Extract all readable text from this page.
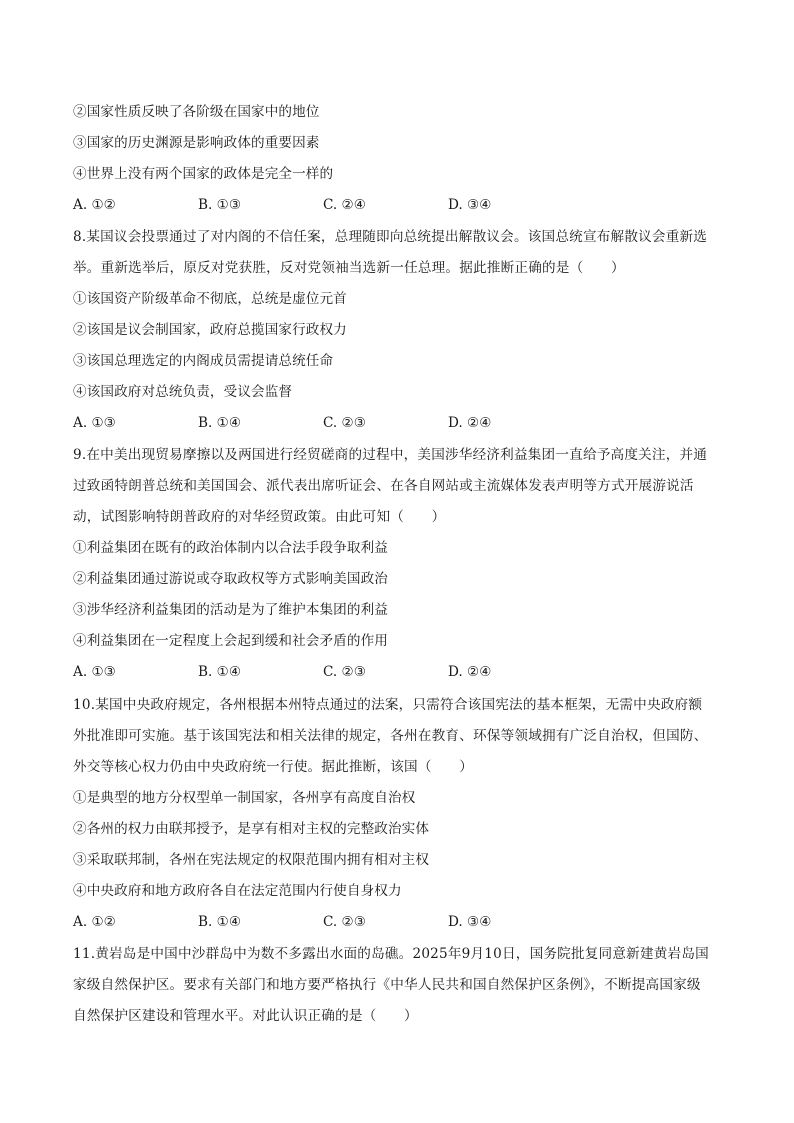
②国家性质反映了各阶级在国家中的地位
③国家的历史渊源是影响政体的重要因素
④世界上没有两个国家的政体是完全一样的
A. ①②	B. ①③	C. ②④	D. ③④
8.某国议会投票通过了对内阁的不信任案，总理随即向总统提出解散议会。该国总统宣布解散议会重新选
举。重新选举后，原反对党获胜，反对党领袖当选新一任总理。据此推断正确的是（　　）
①该国资产阶级革命不彻底，总统是虚位元首
②该国是议会制国家，政府总揽国家行政权力
③该国总理选定的内阁成员需提请总统任命
④该国政府对总统负责，受议会监督
A. ①③	B. ①④	C. ②③	D. ②④
9.在中美出现贸易摩擦以及两国进行经贸磋商的过程中，美国涉华经济利益集团一直给予高度关注，并通
过致函特朗普总统和美国国会、派代表出席听证会、在各自网站或主流媒体发表声明等方式开展游说活
动，试图影响特朗普政府的对华经贸政策。由此可知（　　）
①利益集团在既有的政治体制内以合法手段争取利益
②利益集团通过游说或夺取政权等方式影响美国政治
③涉华经济利益集团的活动是为了维护本集团的利益
④利益集团在一定程度上会起到缓和社会矛盾的作用
A. ①③	B. ①④	C. ②③	D. ②④
10.某国中央政府规定，各州根据本州特点通过的法案，只需符合该国宪法的基本框架，无需中央政府额
外批准即可实施。基于该国宪法和相关法律的规定，各州在教育、环保等领域拥有广泛自治权，但国防、
外交等核心权力仍由中央政府统一行使。据此推断，该国（　　）
①是典型的地方分权型单一制国家，各州享有高度自治权
②各州的权力由联邦授予，是享有相对主权的完整政治实体
③采取联邦制，各州在宪法规定的权限范围内拥有相对主权
④中央政府和地方政府各自在法定范围内行使自身权力
A. ①②	B. ①④	C. ②③	D. ③④
11.黄岩岛是中国中沙群岛中为数不多露出水面的岛礁。2025年9月10日，国务院批复同意新建黄岩岛国
家级自然保护区。要求有关部门和地方要严格执行《中华人民共和国自然保护区条例》，不断提高国家级
自然保护区建设和管理水平。对此认识正确的是（　　）
